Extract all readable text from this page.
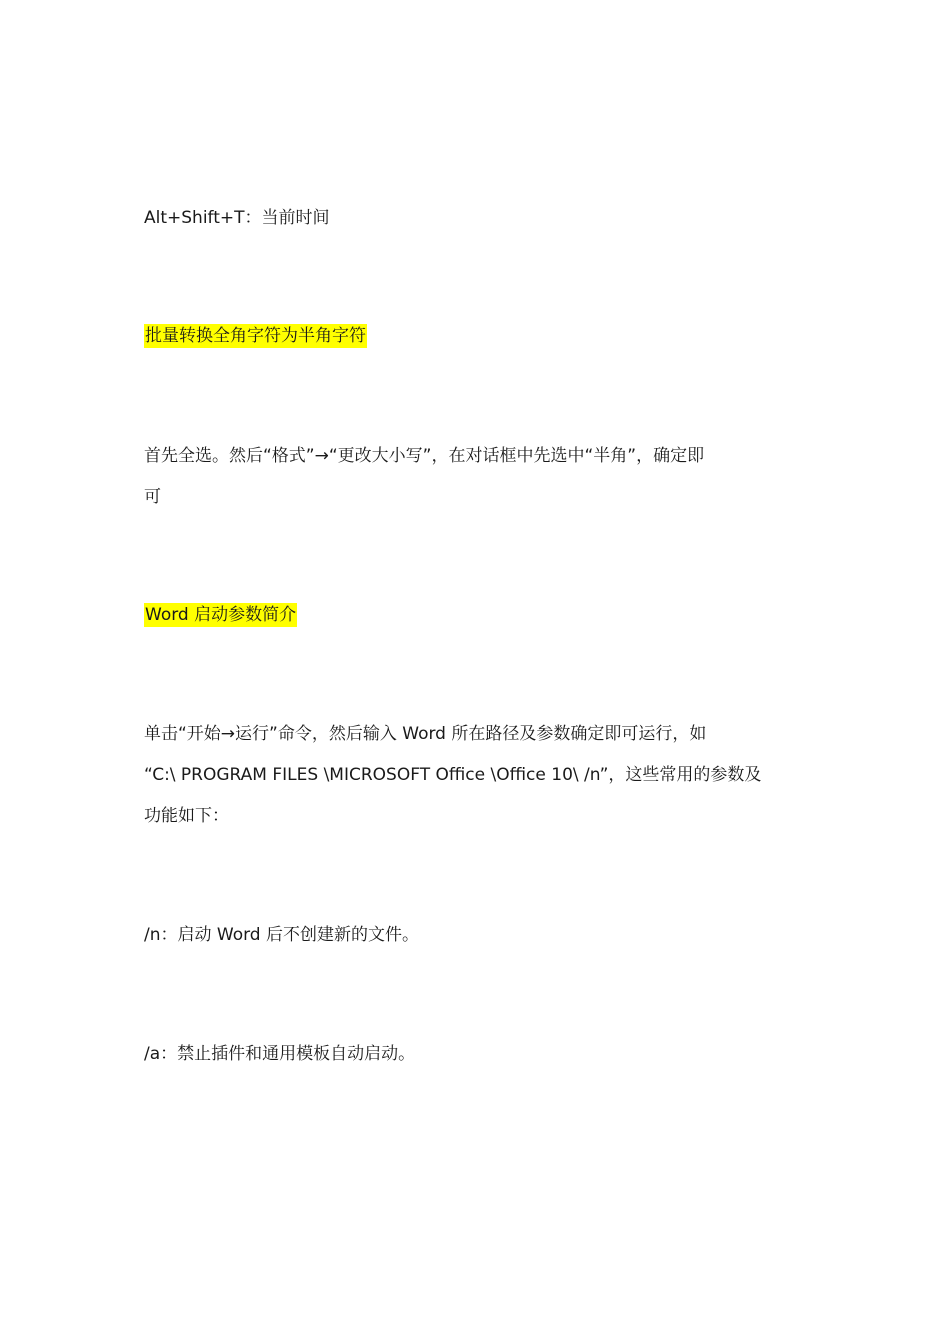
Alt+Shift+T：当前时间
批量转换全角字符为半角字符
首先全选。然后“格式”→“更改大小写”，在对话框中先选中“半角”，确定即
可
Word 启动参数简介
单击“开始→运行”命令，然后输入 Word 所在路径及参数确定即可运行，如
“C:\ PROGRAM FILES \MICROSOFT Office \Office 10\ /n”，这些常用的参数及
功能如下：
/n：启动 Word 后不创建新的文件。
/a：禁止插件和通用模板自动启动。
